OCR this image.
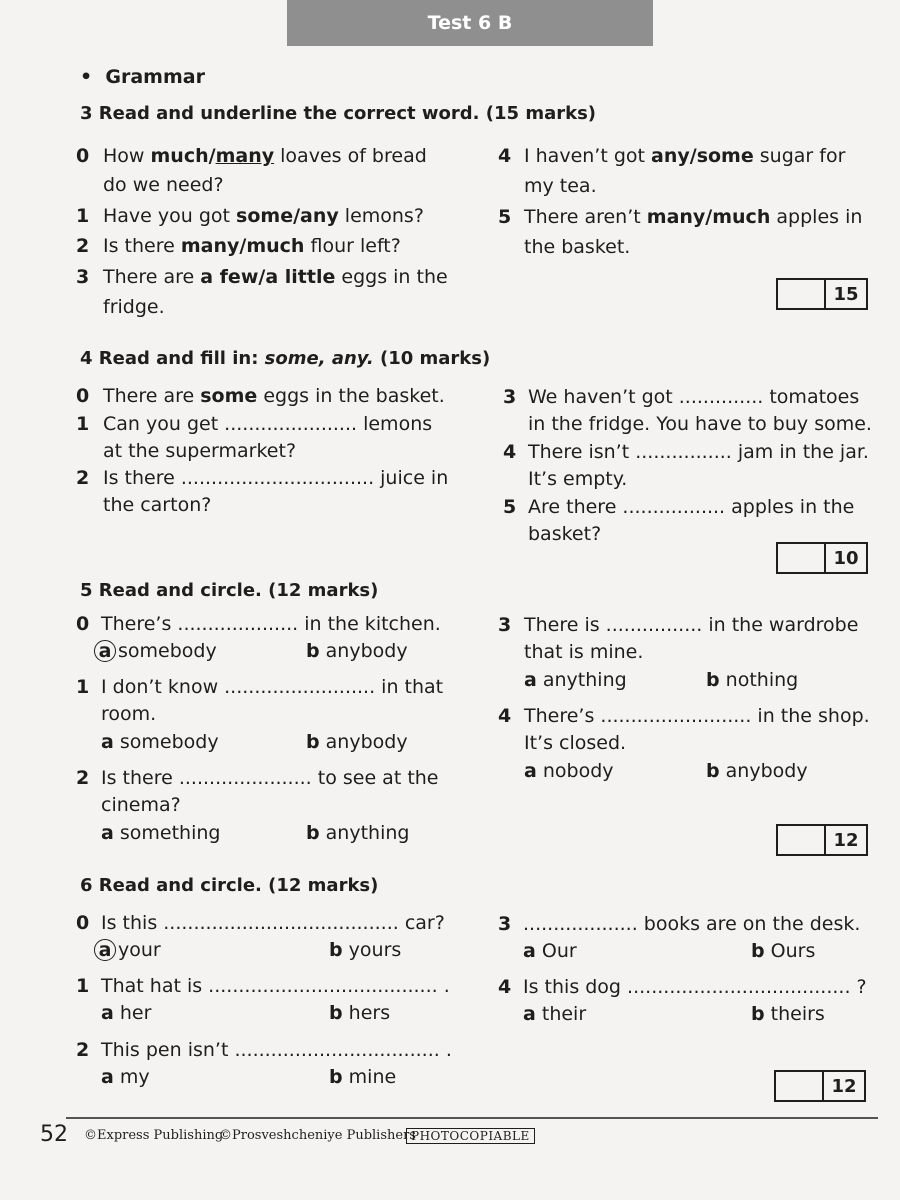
Test 6 B
•  Grammar
3 Read and underline the correct word. (15 marks)
0 How much/many loaves of bread
do we need?
1 Have you got some/any lemons?
2 Is there many/much flour left?
3 There are a few/a little eggs in the
fridge.
4 I haven’t got any/some sugar for
my tea.
5 There aren’t many/much apples in
the basket.
15
4 Read and fill in: some, any. (10 marks)
0 There are some eggs in the basket.
1 Can you get ...................... lemons
at the supermarket?
2 Is there ................................ juice in
the carton?
3 We haven’t got .............. tomatoes
in the fridge. You have to buy some.
4 There isn’t ................ jam in the jar.
It’s empty.
5 Are there ................. apples in the
basket?
10
5 Read and circle. (12 marks)
0 There’s .................... in the kitchen.
a somebody	b anybody
1 I don’t know ......................... in that
room.
a somebody	b anybody
2 Is there ...................... to see at the
cinema?
a something	b anything
3 There is ................ in the wardrobe
that is mine.
a anything	b nothing
4 There’s ......................... in the shop.
It’s closed.
a nobody	b anybody
12
6 Read and circle. (12 marks)
0 Is this ....................................... car?
a your	b yours
1 That hat is ...................................... .
a her	b hers
2 This pen isn’t .................................. .
a my	b mine
3 ................... books are on the desk.
a Our	b Ours
4 Is this dog ..................................... ?
a their	b theirs
12
52 ©Express Publishing
©Prosveshcheniye Publishers
PHOTOCOPIABLE
